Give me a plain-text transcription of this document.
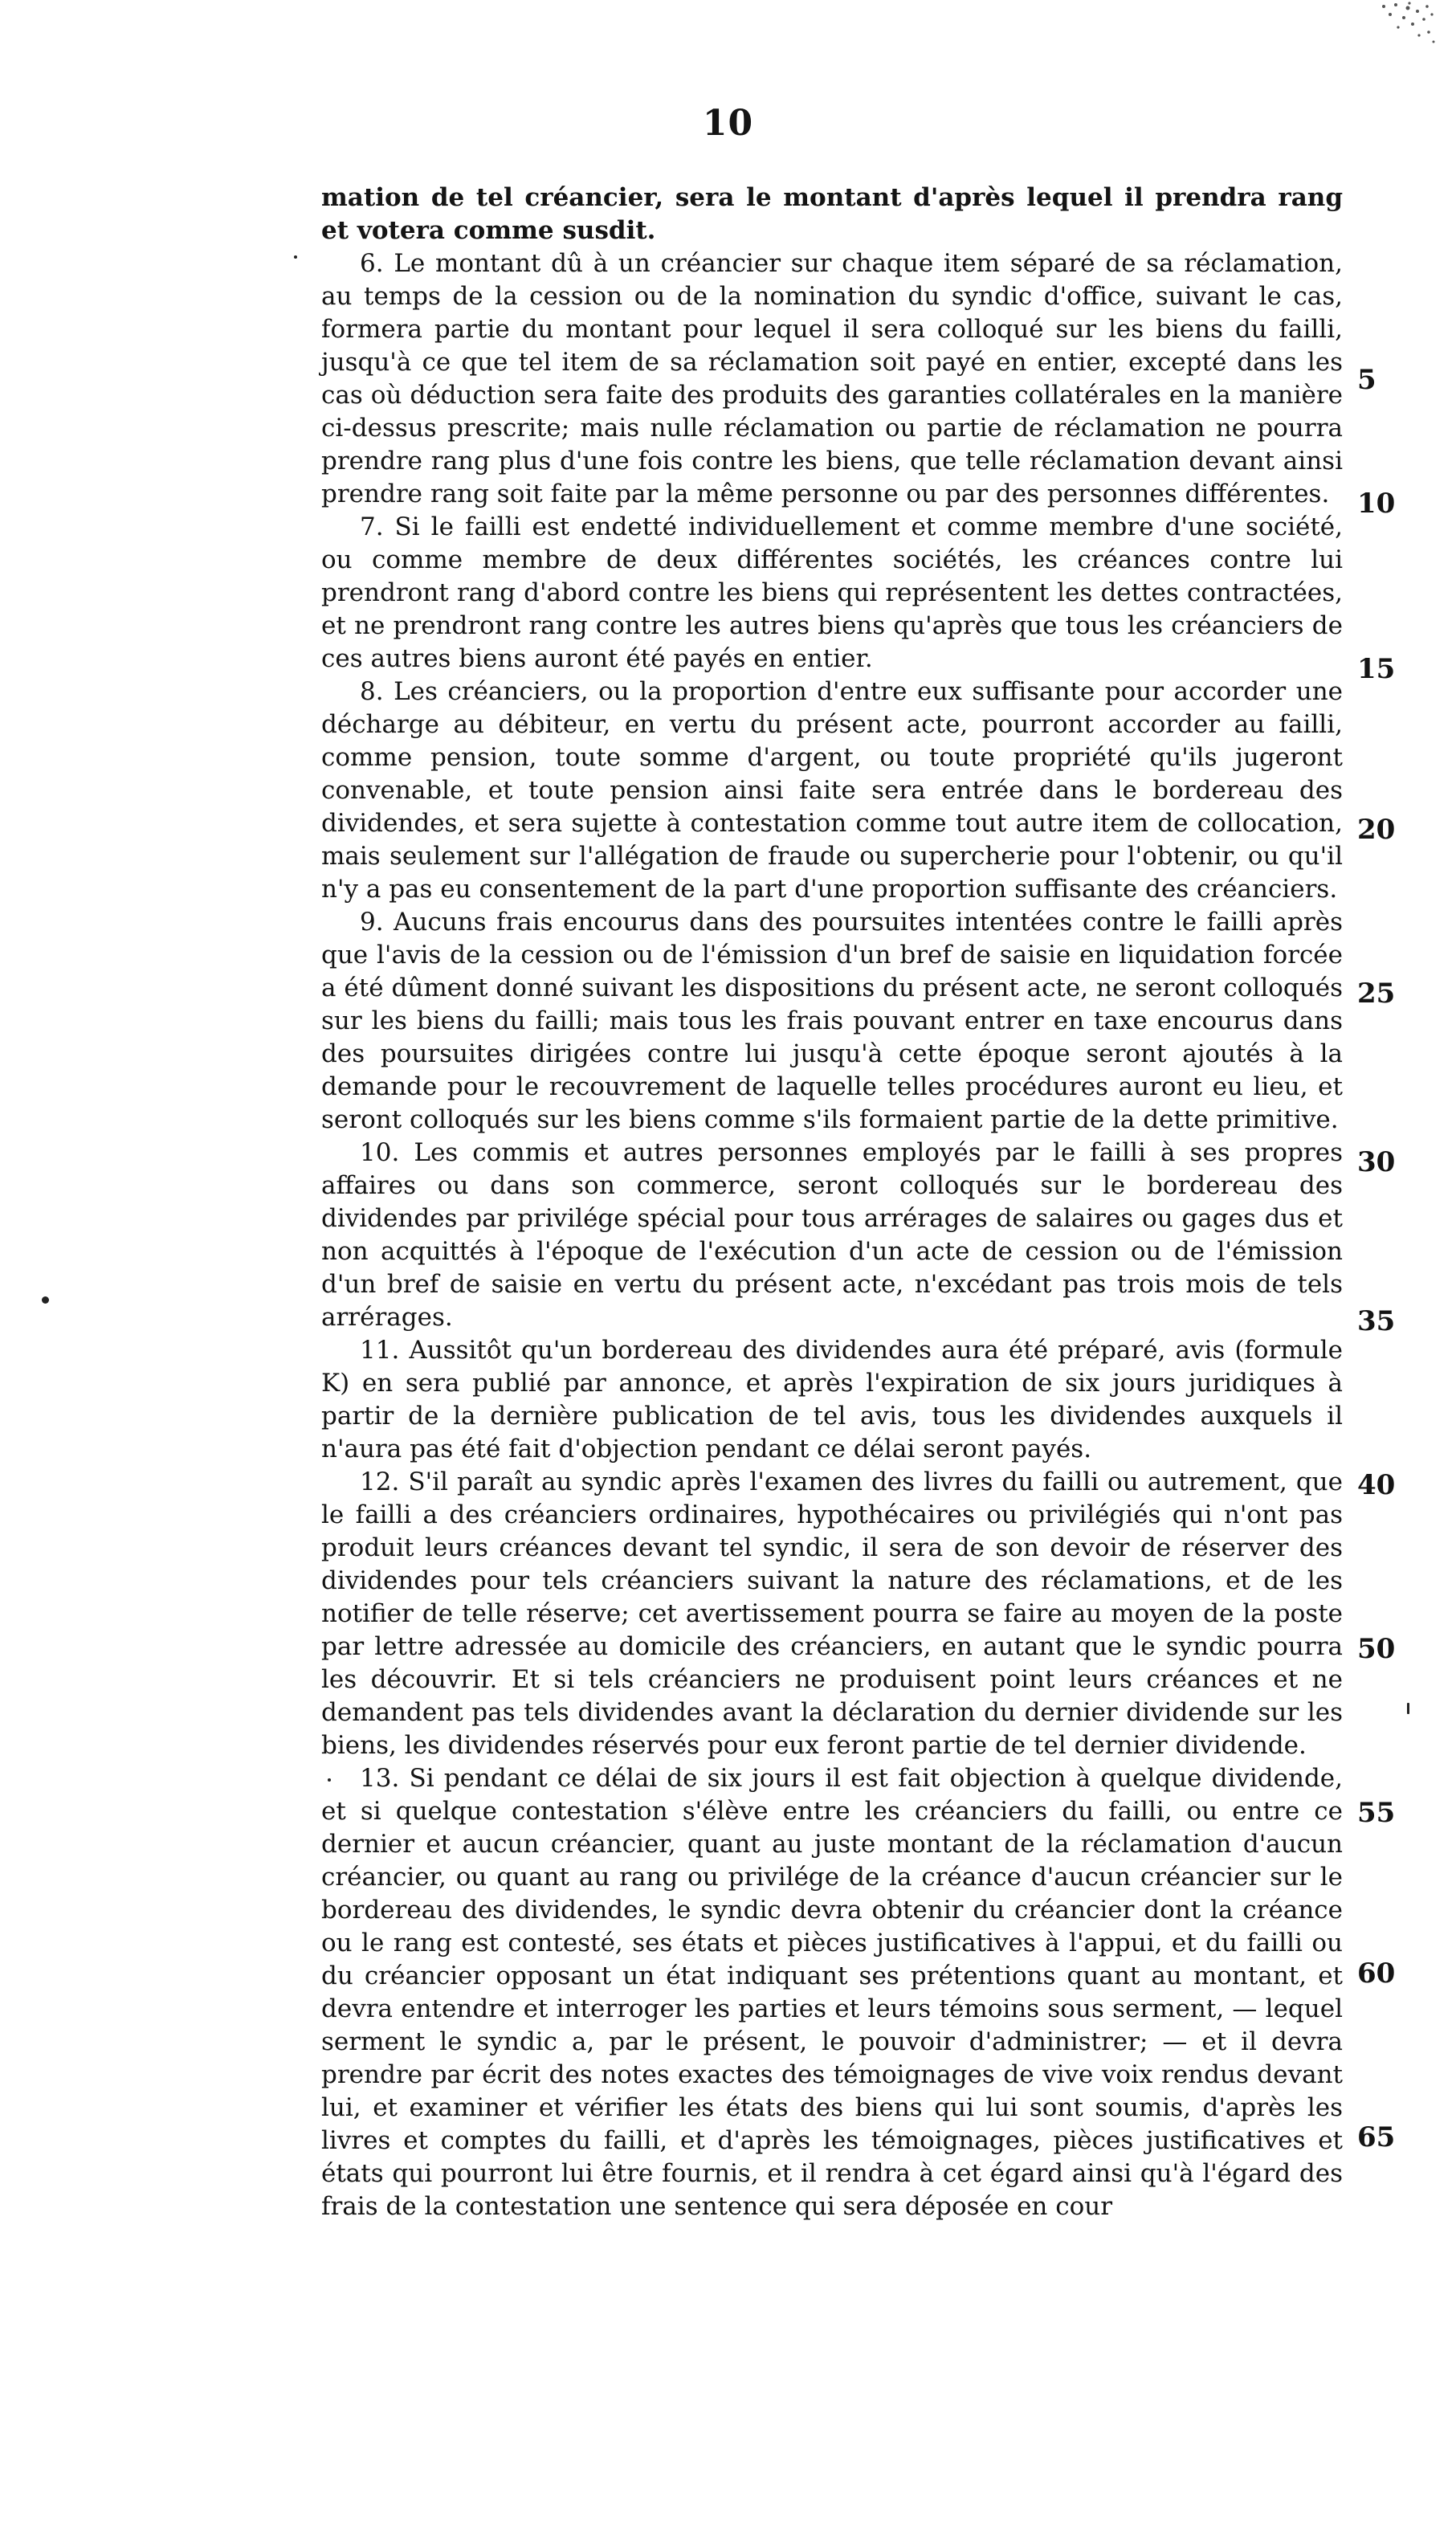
10

mation de tel créancier, sera le montant d'après lequel il prendra rang et votera comme susdit.

6. Le montant dû à un créancier sur chaque item séparé de sa réclamation, au temps de la cession ou de la nomination du syndic d'office, suivant le cas, formera partie du montant pour lequel il sera colloqué sur les biens du failli, jusqu'à ce que tel item de sa réclamation soit payé en entier, excepté dans les cas où déduction sera faite des produits des garanties collatérales en la manière ci-dessus prescrite; mais nulle réclamation ou partie de réclamation ne pourra prendre rang plus d'une fois contre les biens, que telle réclamation devant ainsi prendre rang soit faite par la même personne ou par des personnes différentes.

7. Si le failli est endetté individuellement et comme membre d'une société, ou comme membre de deux différentes sociétés, les créances contre lui prendront rang d'abord contre les biens qui représentent les dettes contractées, et ne prendront rang contre les autres biens qu'après que tous les créanciers de ces autres biens auront été payés en entier.

8. Les créanciers, ou la proportion d'entre eux suffisante pour accorder une décharge au débiteur, en vertu du présent acte, pourront accorder au failli, comme pension, toute somme d'argent, ou toute propriété qu'ils jugeront convenable, et toute pension ainsi faite sera entrée dans le bordereau des dividendes, et sera sujette à contestation comme tout autre item de collocation, mais seulement sur l'allégation de fraude ou supercherie pour l'obtenir, ou qu'il n'y a pas eu consentement de la part d'une proportion suffisante des créanciers.

9. Aucuns frais encourus dans des poursuites intentées contre le failli après que l'avis de la cession ou de l'émission d'un bref de saisie en liquidation forcée a été dûment donné suivant les dispositions du présent acte, ne seront colloqués sur les biens du failli; mais tous les frais pouvant entrer en taxe encourus dans des poursuites dirigées contre lui jusqu'à cette époque seront ajoutés à la demande pour le recouvrement de laquelle telles procédures auront eu lieu, et seront colloqués sur les biens comme s'ils formaient partie de la dette primitive.

10. Les commis et autres personnes employés par le failli à ses propres affaires ou dans son commerce, seront colloqués sur le bordereau des dividendes par privilége spécial pour tous arrérages de salaires ou gages dus et non acquittés à l'époque de l'exécution d'un acte de cession ou de l'émission d'un bref de saisie en vertu du présent acte, n'excédant pas trois mois de tels arrérages.

11. Aussitôt qu'un bordereau des dividendes aura été préparé, avis (formule K) en sera publié par annonce, et après l'expiration de six jours juridiques à partir de la dernière publication de tel avis, tous les dividendes auxquels il n'aura pas été fait d'objection pendant ce délai seront payés.

12. S'il paraît au syndic après l'examen des livres du failli ou autrement, que le failli a des créanciers ordinaires, hypothécaires ou privilégiés qui n'ont pas produit leurs créances devant tel syndic, il sera de son devoir de réserver des dividendes pour tels créanciers suivant la nature des réclamations, et de les notifier de telle réserve; cet avertissement pourra se faire au moyen de la poste par lettre adressée au domicile des créanciers, en autant que le syndic pourra les découvrir. Et si tels créanciers ne produisent point leurs créances et ne demandent pas tels dividendes avant la déclaration du dernier dividende sur les biens, les dividendes réservés pour eux feront partie de tel dernier dividende.

13. Si pendant ce délai de six jours il est fait objection à quelque dividende, et si quelque contestation s'élève entre les créanciers du failli, ou entre ce dernier et aucun créancier, quant au juste montant de la réclamation d'aucun créancier, ou quant au rang ou privilége de la créance d'aucun créancier sur le bordereau des dividendes, le syndic devra obtenir du créancier dont la créance ou le rang est contesté, ses états et pièces justificatives à l'appui, et du failli ou du créancier opposant un état indiquant ses prétentions quant au montant, et devra entendre et interroger les parties et leurs témoins sous serment, — lequel serment le syndic a, par le présent, le pouvoir d'administrer; — et il devra prendre par écrit des notes exactes des témoignages de vive voix rendus devant lui, et examiner et vérifier les états des biens qui lui sont soumis, d'après les livres et comptes du failli, et d'après les témoignages, pièces justificatives et états qui pourront lui être fournis, et il rendra à cet égard ainsi qu'à l'égard des frais de la contestation une sentence qui sera déposée en cour

5
10
15
20
25
30
35
40
50
55
60
65
